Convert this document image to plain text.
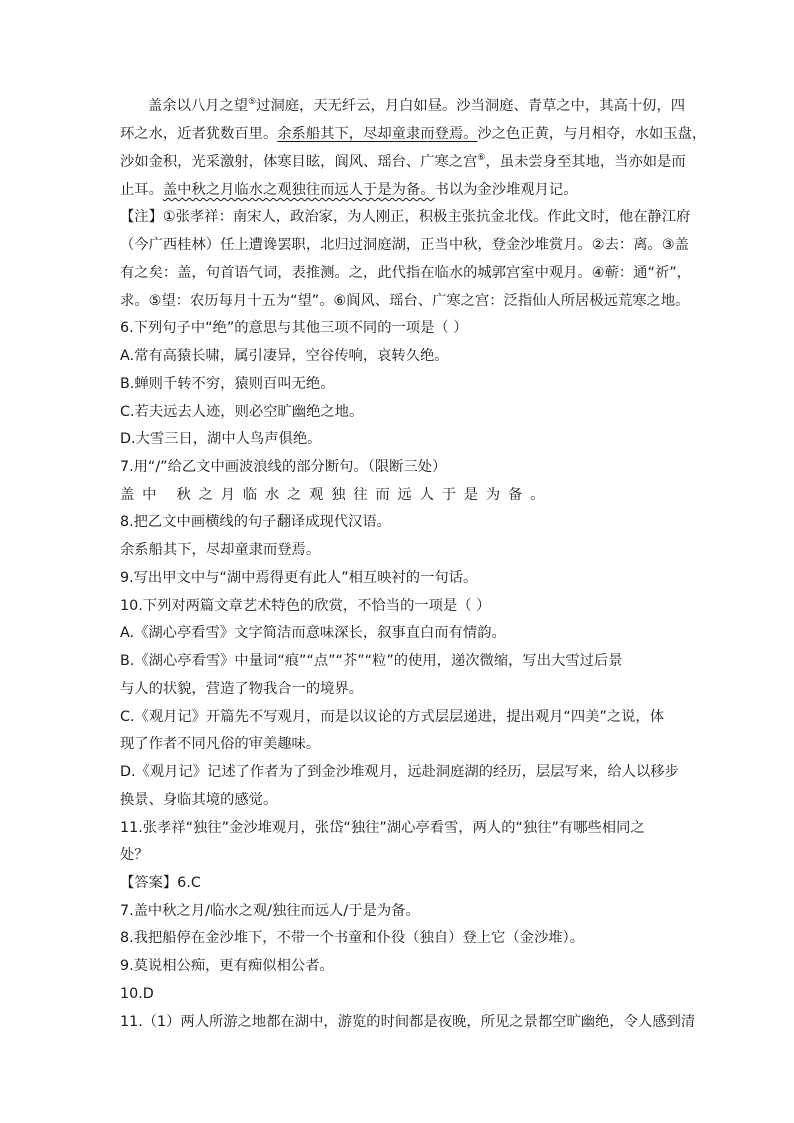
盖余以八月之望⑤过洞庭，天无纤云，月白如昼。沙当洞庭、青草之中，其高十仞，四
环之水，近者犹数百里。余系船其下，尽却童隶而登焉。沙之色正黄，与月相夺，水如玉盘，
沙如金积，光采激射，体寒目眩，阆风、瑶台、广寒之宫⑥，虽未尝身至其地，当亦如是而
止耳。盖中秋之月临水之观独往而远人于是为备。书以为金沙堆观月记。
【注】①张孝祥：南宋人，政治家，为人刚正，积极主张抗金北伐。作此文时，他在静江府
（今广西桂林）任上遭谗罢职，北归过洞庭湖，正当中秋，登金沙堆赏月。②去：离。③盖
有之矣：盖，句首语气词，表推测。之，此代指在临水的城郭宫室中观月。④蕲：通“祈”，
求。⑤望：农历每月十五为“望”。⑥阆风、瑶台、广寒之宫：泛指仙人所居极远荒寒之地。
6.下列句子中“绝”的意思与其他三项不同的一项是（ ）
A.常有高猿长啸，属引凄异，空谷传响，哀转久绝。
B.蝉则千转不穷，猿则百叫无绝。
C.若夫远去人迹，则必空旷幽绝之地。
D.大雪三日，湖中人鸟声俱绝。
7.用“/”给乙文中画波浪线的部分断句。（限断三处）
盖中 秋之月临水之观独往而远人于是为备。
8.把乙文中画横线的句子翻译成现代汉语。
余系船其下，尽却童隶而登焉。
9.写出甲文中与“湖中焉得更有此人”相互映衬的一句话。
10.下列对两篇文章艺术特色的欣赏，不恰当的一项是（ ）
A.《湖心亭看雪》文字简洁而意味深长，叙事直白而有情韵。
B.《湖心亭看雪》中量词“痕”“点”“芥”“粒”的使用，递次微缩，写出大雪过后景
与人的状貌，营造了物我合一的境界。
C.《观月记》开篇先不写观月，而是以议论的方式层层递进，提出观月“四美”之说，体
现了作者不同凡俗的审美趣味。
D.《观月记》记述了作者为了到金沙堆观月，远赴洞庭湖的经历，层层写来，给人以移步
换景、身临其境的感觉。
11.张孝祥“独往”金沙堆观月，张岱“独往”湖心亭看雪，两人的“独往”有哪些相同之
处？
【答案】6.C
7.盖中秋之月/临水之观/独往而远人/于是为备。
8.我把船停在金沙堆下，不带一个书童和仆役（独自）登上它（金沙堆）。
9.莫说相公痴，更有痴似相公者。
10.D
11.（1）两人所游之地都在湖中，游览的时间都是夜晚，所见之景都空旷幽绝，令人感到清
